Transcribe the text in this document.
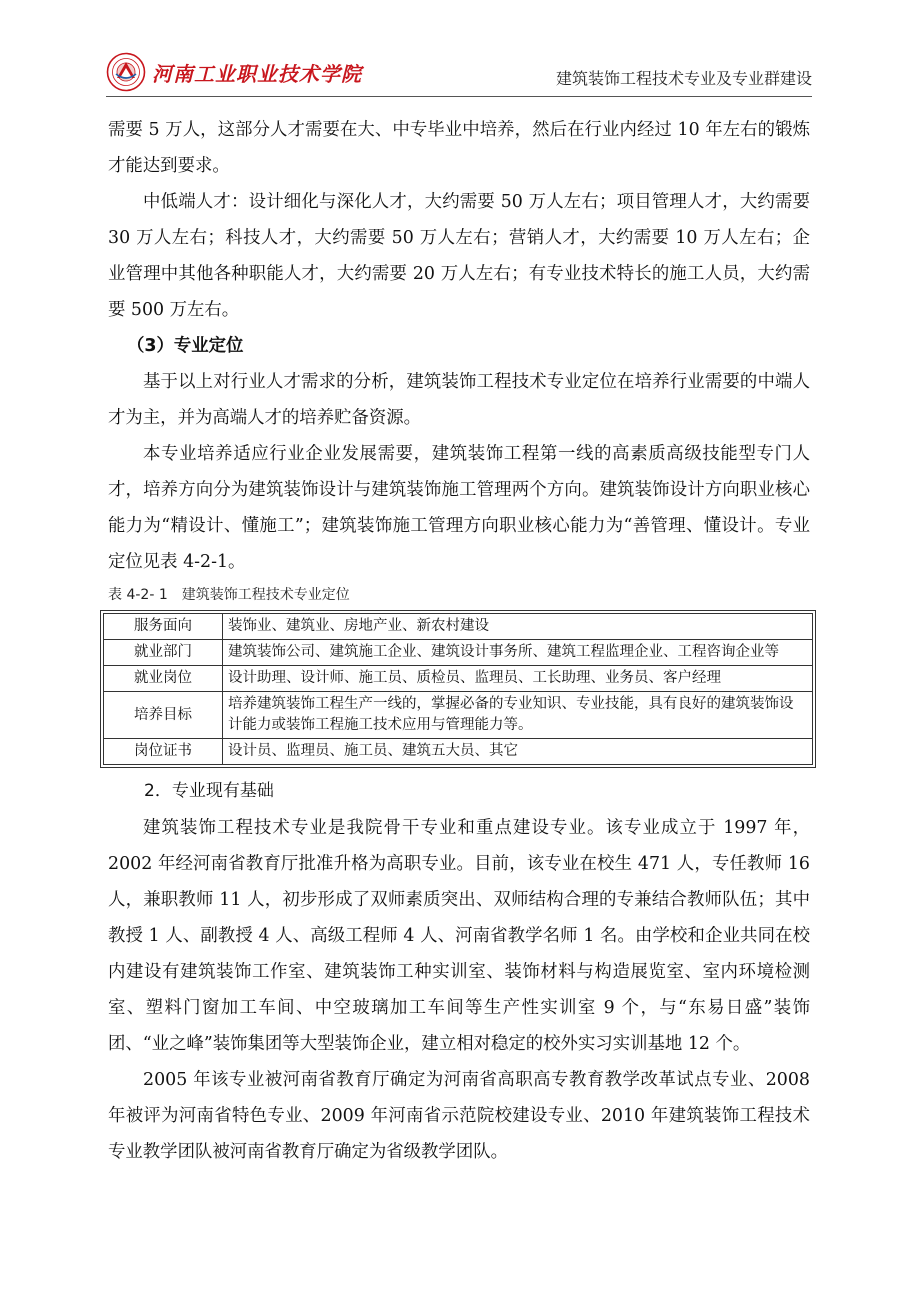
河南工业职业技术学院	建筑装饰工程技术专业及专业群建设

需要 5 万人，这部分人才需要在大、中专毕业中培养，然后在行业内经过 10 年左右的锻炼才能达到要求。

中低端人才：设计细化与深化人才，大约需要 50 万人左右；项目管理人才，大约需要 30 万人左右；科技人才，大约需要 50 万人左右；营销人才，大约需要 10 万人左右；企业管理中其他各种职能人才，大约需要 20 万人左右；有专业技术特长的施工人员，大约需要 500 万左右。

（3）专业定位

基于以上对行业人才需求的分析，建筑装饰工程技术专业定位在培养行业需要的中端人才为主，并为高端人才的培养贮备资源。

本专业培养适应行业企业发展需要，建筑装饰工程第一线的高素质高级技能型专门人才，培养方向分为建筑装饰设计与建筑装饰施工管理两个方向。建筑装饰设计方向职业核心能力为“精设计、懂施工”；建筑装饰施工管理方向职业核心能力为“善管理、懂设计。专业定位见表 4-2-1。

表 4-2- 1　建筑装饰工程技术专业定位

服务面向	装饰业、建筑业、房地产业、新农村建设
就业部门	建筑装饰公司、建筑施工企业、建筑设计事务所、建筑工程监理企业、工程咨询企业等
就业岗位	设计助理、设计师、施工员、质检员、监理员、工长助理、业务员、客户经理
培养目标	培养建筑装饰工程生产一线的，掌握必备的专业知识、专业技能，具有良好的建筑装饰设计能力或装饰工程施工技术应用与管理能力等。
岗位证书	设计员、监理员、施工员、建筑五大员、其它

2．专业现有基础

建筑装饰工程技术专业是我院骨干专业和重点建设专业。该专业成立于 1997 年，2002 年经河南省教育厅批准升格为高职专业。目前，该专业在校生 471 人，专任教师 16 人，兼职教师 11 人，初步形成了双师素质突出、双师结构合理的专兼结合教师队伍；其中教授 1 人、副教授 4 人、高级工程师 4 人、河南省教学名师 1 名。由学校和企业共同在校内建设有建筑装饰工作室、建筑装饰工种实训室、装饰材料与构造展览室、室内环境检测室、塑料门窗加工车间、中空玻璃加工车间等生产性实训室 9 个，与“东易日盛”装饰团、“业之峰”装饰集团等大型装饰企业，建立相对稳定的校外实习实训基地 12 个。

2005 年该专业被河南省教育厅确定为河南省高职高专教育教学改革试点专业、2008 年被评为河南省特色专业、2009 年河南省示范院校建设专业、2010 年建筑装饰工程技术专业教学团队被河南省教育厅确定为省级教学团队。
